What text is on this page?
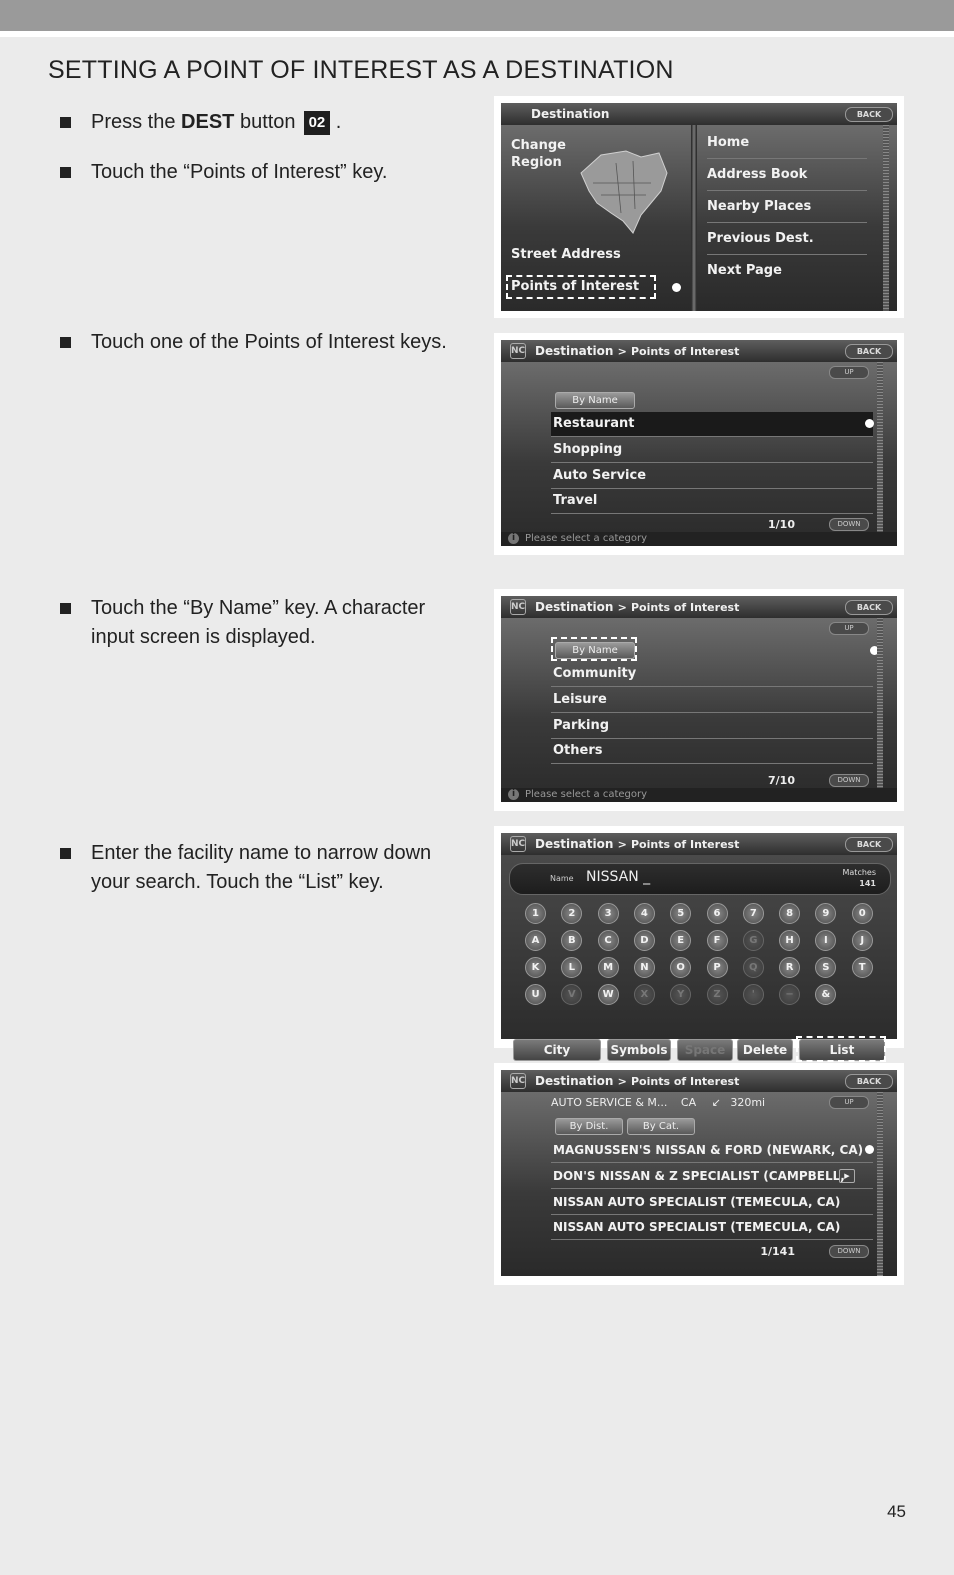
SETTING A POINT OF INTEREST AS A DESTINATION
Press the DEST button 02 .
Touch the “Points of Interest” key.
Touch one of the Points of Interest keys.
Touch the “By Name” key. A character input screen is displayed.
Enter the facility name to narrow down your search. Touch the “List” key.
Destination	BACK
Change
Region
Street Address
Points of Interest
Home
Address Book
Nearby Places
Previous Dest.
Next Page
NC Destination > Points of Interest	BACK
UP
By Name
Restaurant
Shopping
Auto Service
Travel
1/10	DOWN
i Please select a category
NC Destination > Points of Interest	BACK
UP
By Name
Community
Leisure
Parking
Others
7/10	DOWN
i Please select a category
NC Destination > Points of Interest	BACK
Name NISSAN _	Matches
141
1	2	3	4	5	6	7	8	9	0
A	B	C	D	E	F	G	H	I	J
K	L	M	N	O	P	Q	R	S	T
U	V	W	X	Y	Z	'	−	&
City	Symbols	Space	Delete	List
NC Destination > Points of Interest	BACK
AUTO SERVICE & M... CA ↙ 320mi	UP
By Dist.	By Cat.
MAGNUSSEN'S NISSAN & FORD (NEWARK, CA)
DON'S NISSAN & Z SPECIALIST (CAMPBELL, ▶
NISSAN AUTO SPECIALIST (TEMECULA, CA)
NISSAN AUTO SPECIALIST (TEMECULA, CA)
1/141	DOWN
45
